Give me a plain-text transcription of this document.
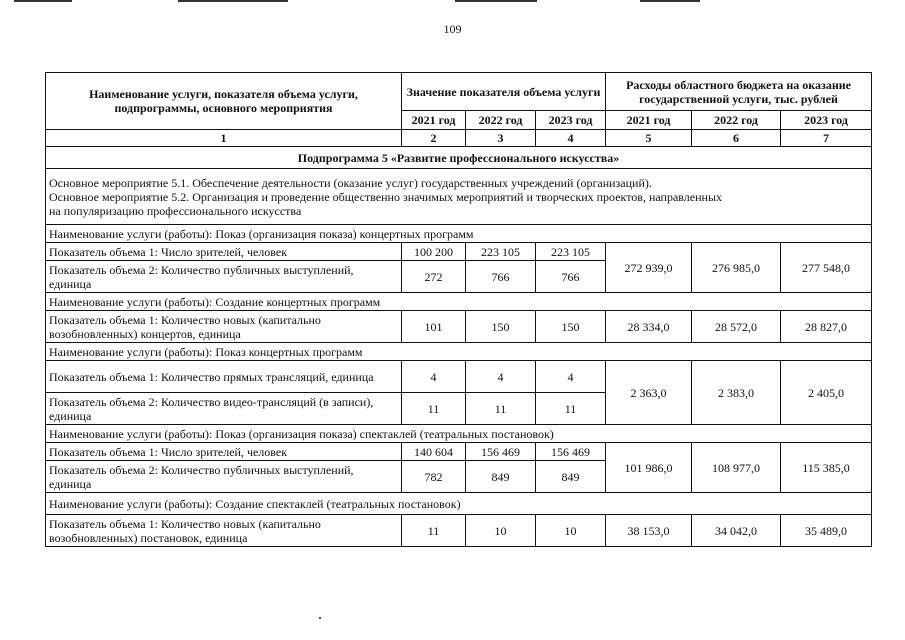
109
Наименование услуги, показателя объема услуги, подпрограммы, основного мероприятия	Значение показателя объема услуги			Расходы областного бюджета на оказание государственной услуги, тыс. рублей		
	2021 год	2022 год	2023 год	2021 год	2022 год	2023 год
1	2	3	4	5	6	7
Подпрограмма 5 «Развитие профессионального искусства»						

Основное мероприятие 5.1. Обеспечение деятельности (оказание услуг) государственных учреждений (организаций).
Основное мероприятие 5.2. Организация и проведение общественно значимых мероприятий и творческих проектов, направленных
на популяризацию профессионального искусства						

Наименование услуги (работы): Показ (организация показа) концертных программ						
Показатель объема 1: Число зрителей, человек	100 200	223 105	223 105	272 939,0	276 985,0	277 548,0
Показатель объема 2: Количество публичных выступлений, единица	272	766	766			
Наименование услуги (работы): Создание концертных программ						
Показатель объема 1: Количество новых (капитально возобновленных) концертов, единица	101	150	150	28 334,0	28 572,0	28 827,0
Наименование услуги (работы): Показ концертных программ						
Показатель объема 1: Количество прямых трансляций, единица	4	4	4	2 363,0	2 383,0	2 405,0
Показатель объема 2: Количество видео-трансляций (в записи), единица	11	11	11			
Наименование услуги (работы): Показ (организация показа) спектаклей (театральных постановок)						
Показатель объема 1: Число зрителей, человек	140 604	156 469	156 469	101 986,0	108 977,0	115 385,0
Показатель объема 2: Количество публичных выступлений, единица	782	849	849			
Наименование услуги (работы): Создание спектаклей (театральных постановок)						
Показатель объема 1: Количество новых (капитально возобновленных) постановок, единица	11	10	10	38 153,0	34 042,0	35 489,0
